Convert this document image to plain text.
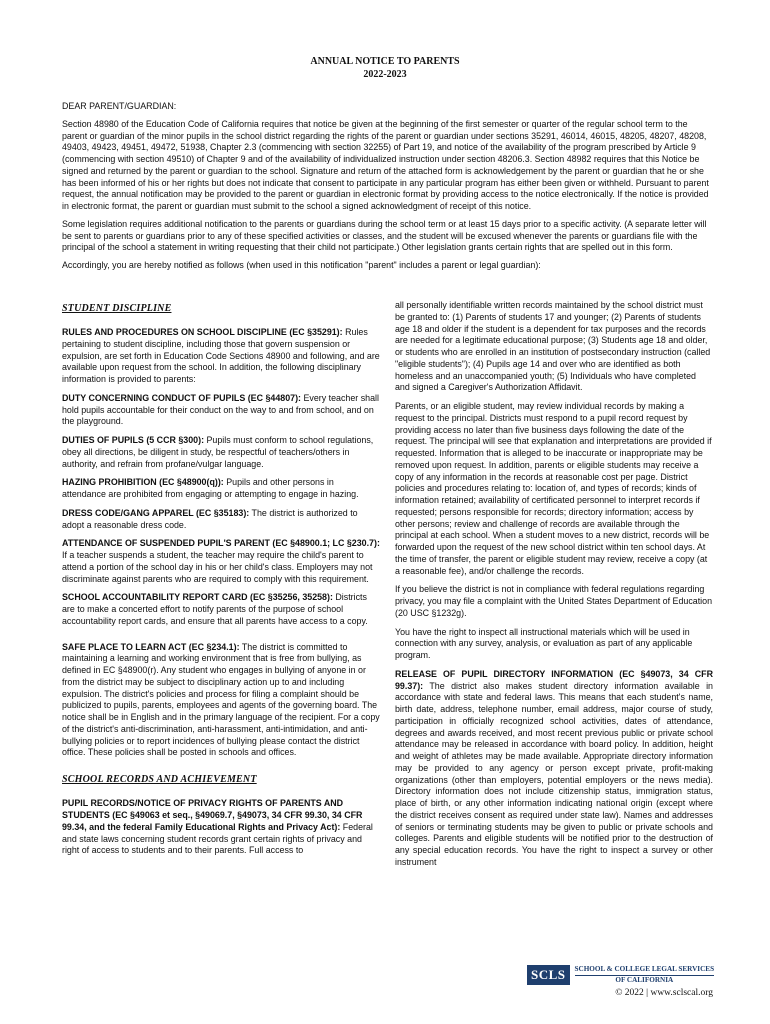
ANNUAL NOTICE TO PARENTS
2022-2023

DEAR PARENT/GUARDIAN:

Section 48980 of the Education Code of California requires that notice be given at the beginning of the first semester or quarter of the regular school term to the parent or guardian of the minor pupils in the school district regarding the rights of the parent or guardian under sections 35291, 46014, 46015, 48205, 48207, 48208, 49403, 49423, 49451, 49472, 51938, Chapter 2.3 (commencing with section 32255) of Part 19, and notice of the availability of the program prescribed by Article 9 (commencing with section 49510) of Chapter 9 and of the availability of individualized instruction under section 48206.3. Section 48982 requires that this Notice be signed and returned by the parent or guardian to the school. Signature and return of the attached form is acknowledgement by the parent or guardian that he or she has been informed of his or her rights but does not indicate that consent to participate in any particular program has either been given or withheld. Pursuant to parent request, the annual notification may be provided to the parent or guardian in electronic format by providing access to the notice electronically. If the notice is provided in electronic format, the parent or guardian must submit to the school a signed acknowledgment of receipt of this notice.

Some legislation requires additional notification to the parents or guardians during the school term or at least 15 days prior to a specific activity. (A separate letter will be sent to parents or guardians prior to any of these specified activities or classes, and the student will be excused whenever the parents or guardians file with the principal of the school a statement in writing requesting that their child not participate.) Other legislation grants certain rights that are spelled out in this form.

Accordingly, you are hereby notified as follows (when used in this notification "parent" includes a parent or legal guardian):

STUDENT DISCIPLINE

RULES AND PROCEDURES ON SCHOOL DISCIPLINE (EC §35291): Rules pertaining to student discipline, including those that govern suspension or expulsion, are set forth in Education Code Sections 48900 and following, and are available upon request from the school. In addition, the following disciplinary information is provided to parents:

DUTY CONCERNING CONDUCT OF PUPILS (EC §44807): Every teacher shall hold pupils accountable for their conduct on the way to and from school, and on the playground.

DUTIES OF PUPILS (5 CCR §300): Pupils must conform to school regulations, obey all directions, be diligent in study, be respectful of teachers/others in authority, and refrain from profane/vulgar language.

HAZING PROHIBITION (EC §48900(q)): Pupils and other persons in attendance are prohibited from engaging or attempting to engage in hazing.

DRESS CODE/GANG APPAREL (EC §35183): The district is authorized to adopt a reasonable dress code.

ATTENDANCE OF SUSPENDED PUPIL'S PARENT (EC §48900.1; LC §230.7): If a teacher suspends a student, the teacher may require the child's parent to attend a portion of the school day in his or her child's class. Employers may not discriminate against parents who are required to comply with this requirement.

SCHOOL ACCOUNTABILITY REPORT CARD (EC §35256, 35258): Districts are to make a concerted effort to notify parents of the purpose of school accountability report cards, and ensure that all parents have access to a copy.

SAFE PLACE TO LEARN ACT (EC §234.1): The district is committed to maintaining a learning and working environment that is free from bullying, as defined in EC §48900(r). Any student who engages in bullying of anyone in or from the district may be subject to disciplinary action up to and including expulsion. The district's policies and process for filing a complaint should be publicized to pupils, parents, employees and agents of the governing board. The notice shall be in English and in the primary language of the recipient. For a copy of the district's anti-discrimination, anti-harassment, anti-intimidation, and anti-bullying policies or to report incidences of bullying please contact the district office. These policies shall be posted in schools and offices.

SCHOOL RECORDS AND ACHIEVEMENT

PUPIL RECORDS/NOTICE OF PRIVACY RIGHTS OF PARENTS AND STUDENTS (EC §49063 et seq., §49069.7, §49073, 34 CFR 99.30, 34 CFR 99.34, and the federal Family Educational Rights and Privacy Act): Federal and state laws concerning student records grant certain rights of privacy and right of access to students and to their parents. Full access to

all personally identifiable written records maintained by the school district must be granted to: (1) Parents of students 17 and younger; (2) Parents of students age 18 and older if the student is a dependent for tax purposes and the records are needed for a legitimate educational purpose; (3) Students age 18 and older, or students who are enrolled in an institution of postsecondary instruction (called "eligible students"); (4) Pupils age 14 and over who are identified as both homeless and an unaccompanied youth; (5) Individuals who have completed and signed a Caregiver's Authorization Affidavit.

Parents, or an eligible student, may review individual records by making a request to the principal. Districts must respond to a pupil record request by providing access no later than five business days following the date of the request. The principal will see that explanation and interpretations are provided if requested. Information that is alleged to be inaccurate or inappropriate may be removed upon request. In addition, parents or eligible students may receive a copy of any information in the records at reasonable cost per page. District policies and procedures relating to: location of, and types of records; kinds of information retained; availability of certificated personnel to interpret records if requested; persons responsible for records; directory information; access by other persons; review and challenge of records are available through the principal at each school. When a student moves to a new district, records will be forwarded upon the request of the new school district within ten school days. At the time of transfer, the parent or eligible student may review, receive a copy (at a reasonable fee), and/or challenge the records.

If you believe the district is not in compliance with federal regulations regarding privacy, you may file a complaint with the United States Department of Education (20 USC §1232g).

You have the right to inspect all instructional materials which will be used in connection with any survey, analysis, or evaluation as part of any applicable program.

RELEASE OF PUPIL DIRECTORY INFORMATION (EC §49073, 34 CFR 99.37): The district also makes student directory information available in accordance with state and federal laws. This means that each student's name, birth date, address, telephone number, email address, major course of study, participation in officially recognized school activities, dates of attendance, degrees and awards received, and most recent previous public or private school attendance may be released in accordance with board policy. In addition, height and weight of athletes may be made available. Appropriate directory information may be provided to any agency or person except private, profit-making organizations (other than employers, potential employers or the news media). Directory information does not include citizenship status, immigration status, place of birth, or any other information indicating national origin (except where the district receives consent as required under state law). Names and addresses of seniors or terminating students may be given to public or private schools and colleges. Parents and eligible students will be notified prior to the destruction of any special education records. You have the right to inspect a survey or other instrument

SCLS	SCHOOL & COLLEGE LEGAL SERVICES
OF CALIFORNIA
© 2022 | www.sclscal.org
